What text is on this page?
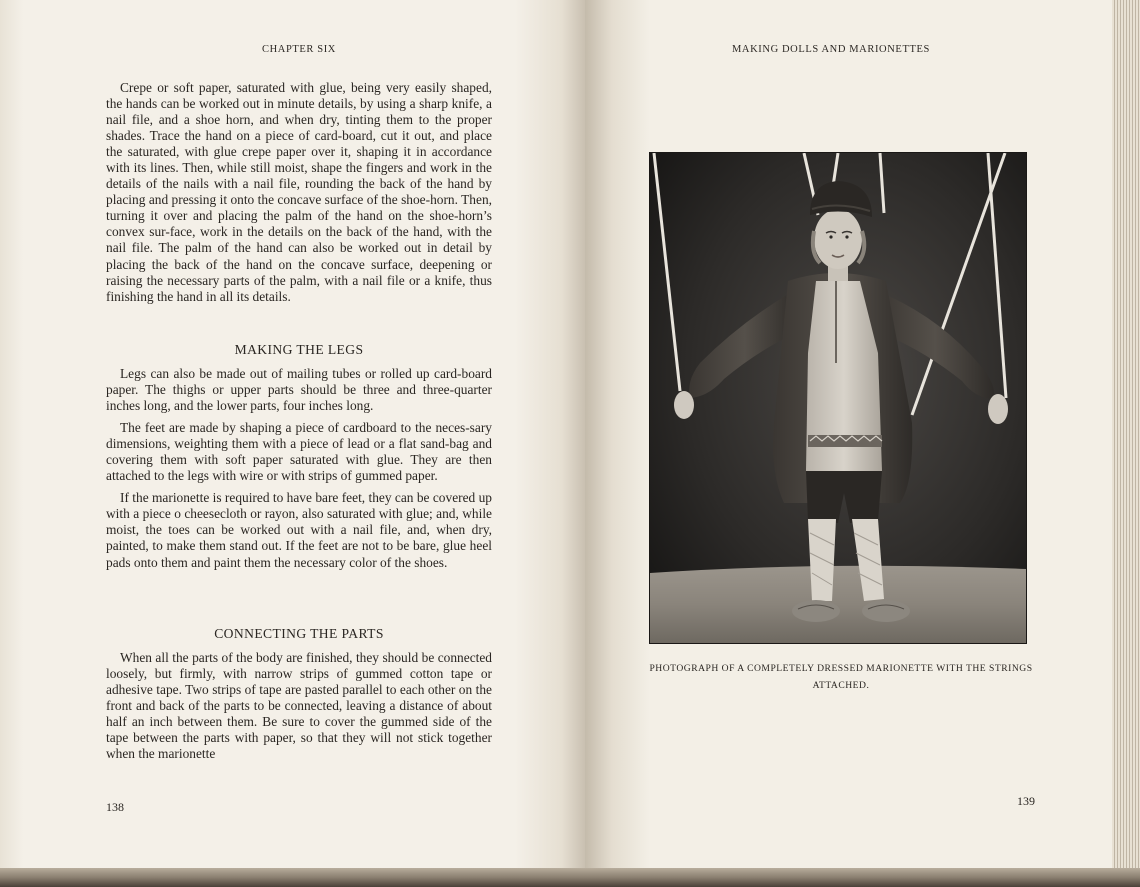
CHAPTER SIX

Crepe or soft paper, saturated with glue, being very easily shaped, the hands can be worked out in minute details, by using a sharp knife, a nail file, and a shoe horn, and when dry, tinting them to the proper shades. Trace the hand on a piece of card-board, cut it out, and place the saturated, with glue crepe paper over it, shaping it in accordance with its lines. Then, while still moist, shape the fingers and work in the details of the nails with a nail file, rounding the back of the hand by placing and pressing it onto the concave surface of the shoe-horn. Then, turning it over and placing the palm of the hand on the shoe-horn’s convex sur-face, work in the details on the back of the hand, with the nail file. The palm of the hand can also be worked out in detail by placing the back of the hand on the concave surface, deepening or raising the necessary parts of the palm, with a nail file or a knife, thus finishing the hand in all its details.

MAKING THE LEGS

Legs can also be made out of mailing tubes or rolled up card-board paper. The thighs or upper parts should be three and three-quarter inches long, and the lower parts, four inches long.

The feet are made by shaping a piece of cardboard to the neces-sary dimensions, weighting them with a piece of lead or a flat sand-bag and covering them with soft paper saturated with glue. They are then attached to the legs with wire or with strips of gummed paper.

If the marionette is required to have bare feet, they can be covered up with a piece o cheesecloth or rayon, also saturated with glue; and, while moist, the toes can be worked out with a nail file, and, when dry, painted, to make them stand out. If the feet are not to be bare, glue heel pads onto them and paint them the necessary color of the shoes.

CONNECTING THE PARTS

When all the parts of the body are finished, they should be connected loosely, but firmly, with narrow strips of gummed cotton tape or adhesive tape. Two strips of tape are pasted parallel to each other on the front and back of the parts to be connected, leaving a distance of about half an inch between them. Be sure to cover the gummed side of the tape between the parts with paper, so that they will not stick together when the marionette

138
MAKING DOLLS AND MARIONETTES
139
PHOTOGRAPH OF A COMPLETELY DRESSED MARIONETTE WITH THE STRINGS ATTACHED.
